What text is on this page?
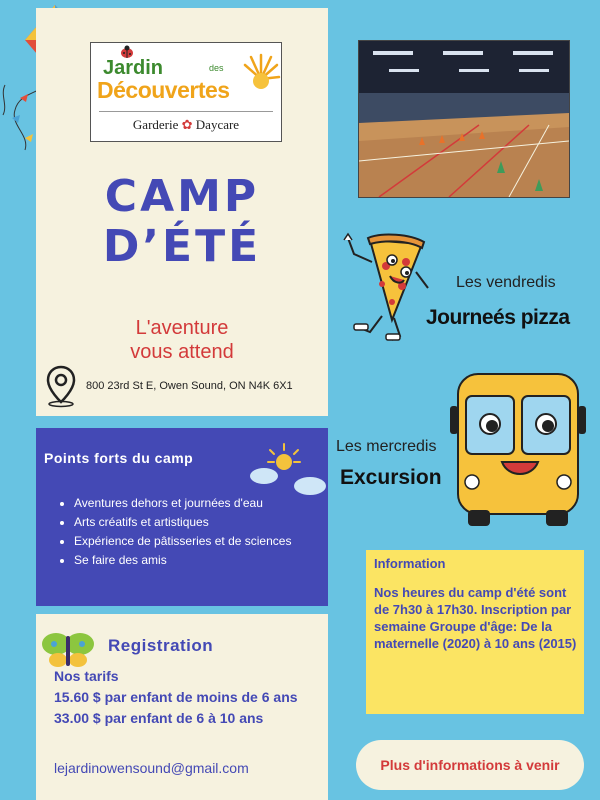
Jardin	des
Découvertes
Garderie ✿ Daycare
CAMP
D’ÉTÉ
L'aventure
vous attend
800 23rd St E, Owen Sound, ON N4K 6X1
Points forts du camp
• Aventures dehors et journées d'eau
• Arts créatifs et artistiques
• Expérience de pâtisseries et de sciences
• Se faire des amis
Registration
Nos tarifs
15.60 $ par enfant de moins de 6 ans
33.00 $ par enfant de 6 à 10 ans
lejardinowensound@gmail.com
Les vendredis
Journeés pizza
Les mercredis
Excursion
Information
Nos heures du camp d'été sont de 7h30 à 17h30. Inscription par semaine Groupe d'âge: De la maternelle (2020) à 10 ans (2015)
Plus d'informations à venir
